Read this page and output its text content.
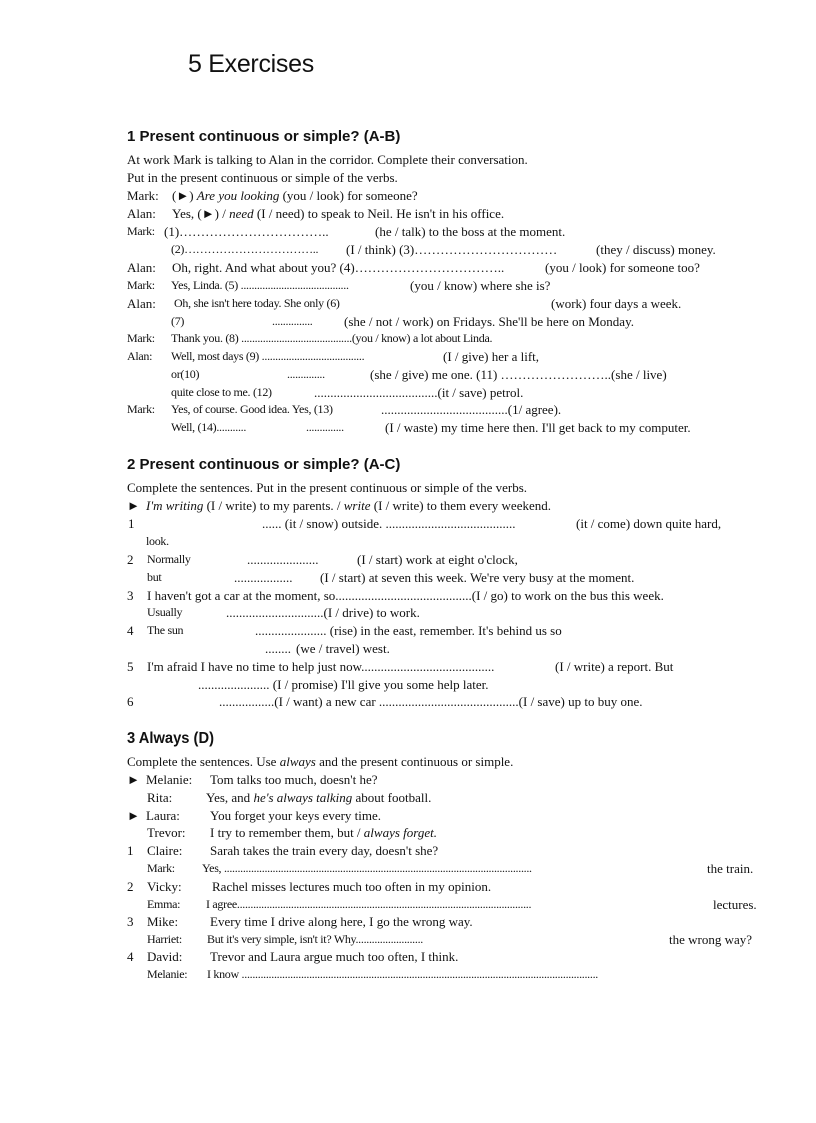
5 Exercises
1 Present continuous or simple? (A-B)
At work Mark is talking to Alan in the corridor. Complete their conversation.
Put in the present continuous or simple of the verbs.
Mark: (►) Are you looking (you / look) for someone?
Alan: Yes, (►) / need (I / need) to speak to Neil. He isn't in his office.
Mark: (1)……………………………..	(he / talk) to the boss at the moment.
(2)…………………………….. (I / think) (3)……………………………	(they / discuss) money.
Alan: Oh, right. And what about you? (4)……………………………..	(you / look) for someone too?
Mark: Yes, Linda. (5) ........................................	(you / know) where she is?
Alan: Oh, she isn't here today. She only (6)	(work) four days a week.
(7)	............... (she / not / work) on Fridays. She'll be here on Monday.
Mark: Thank you. (8) .........................................(you / know) a lot about Linda.
Alan: Well, most days (9) ......................................	(I / give) her a lift,
or(10)	..............	(she / give) me one. (11) ……………………..(she / live)
quite close to me. (12)	......................................(it / save) petrol.
Mark: Yes, of course. Good idea. Yes, (13)	.......................................(1/ agree).
Well, (14)...........	..............	(I / waste) my time here then. I'll get back to my computer.
2 Present continuous or simple? (A-C)
Complete the sentences. Put in the present continuous or simple of the verbs.
► I'm writing (I / write) to my parents. / write (I / write) to them every weekend.
1	...... (it / snow) outside. ........................................	(it / come) down quite hard,
look.
2 Normally	......................	(I / start) work at eight o'clock,
but	.................. (I / start) at seven this week. We're very busy at the moment.
3 I haven't got a car at the moment, so..........................................(I / go) to work on the bus this week.
Usually	..............................(I / drive) to work.
4 The sun	...................... (rise) in the east, remember. It's behind us so
........ (we / travel) west.
5 I'm afraid I have no time to help just now.........................................	(I / write) a report. But
...................... (I / promise) I'll give you some help later.
6	.................(I / want) a new car ...........................................(I / save) up to buy one.
3 Always (D)
Complete the sentences. Use always and the present continuous or simple.
► Melanie: Tom talks too much, doesn't he?
Rita:	Yes, and he's always talking about football.
► Laura: You forget your keys every time.
Trevor: I try to remember them, but / always forget.
1 Claire: Sarah takes the train every day, doesn't she?
Mark: Yes, ..................................................................................................................	the train.
2 Vicky: Rachel misses lectures much too often in my opinion.
Emma: I agree.............................................................................................................	lectures.
3 Mike: Every time I drive along here, I go the wrong way.
Harriet: But it's very simple, isn't it? Why.........................	the wrong way?
4 David: Trevor and Laura argue much too often, I think.
Melanie: I know ....................................................................................................................................
